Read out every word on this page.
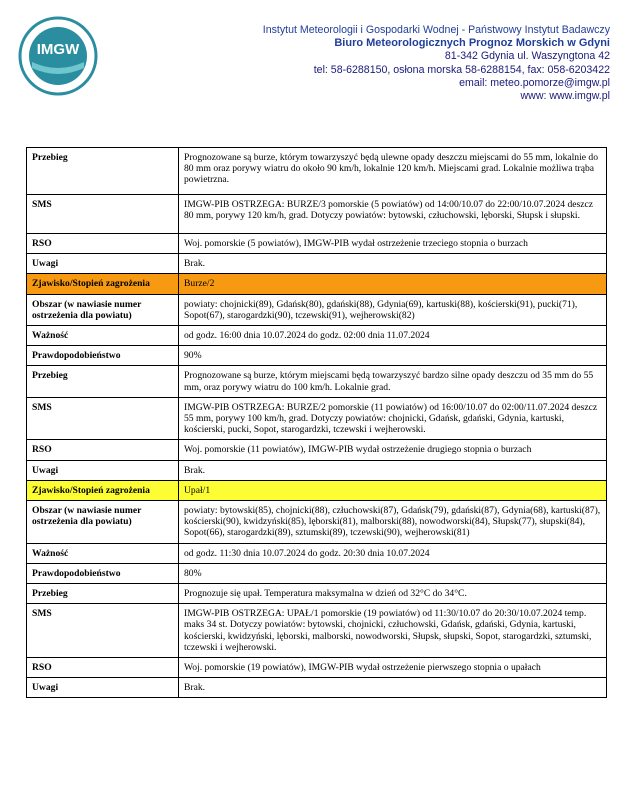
IMGW
Instytut Meteorologii i Gospodarki Wodnej - Państwowy Instytut Badawczy
Biuro Meteorologicznych Prognoz Morskich w Gdyni
81-342 Gdynia ul. Waszyngtona 42
tel: 58-6288150, osłona morska 58-6288154, fax: 058-6203422
email: meteo.pomorze@imgw.pl
www: www.imgw.pl
Przebieg	Prognozowane są burze, którym towarzyszyć będą ulewne opady deszczu miejscami do 55 mm, lokalnie do 80 mm oraz porywy wiatru do około 90 km/h, lokalnie 120 km/h. Miejscami grad. Lokalnie możliwa trąba powietrzna.
SMS	IMGW-PIB OSTRZEGA: BURZE/3 pomorskie (5 powiatów) od 14:00/10.07 do 22:00/10.07.2024 deszcz 80 mm, porywy 120 km/h, grad. Dotyczy powiatów: bytowski, człuchowski, lęborski, Słupsk i słupski.
RSO	Woj. pomorskie (5 powiatów), IMGW-PIB wydał ostrzeżenie trzeciego stopnia o burzach
Uwagi	Brak.
Zjawisko/Stopień zagrożenia	Burze/2
Obszar (w nawiasie numer ostrzeżenia dla powiatu)	powiaty: chojnicki(89), Gdańsk(80), gdański(88), Gdynia(69), kartuski(88), kościerski(91), pucki(71), Sopot(67), starogardzki(90), tczewski(91), wejherowski(82)
Ważność	od godz. 16:00 dnia 10.07.2024 do godz. 02:00 dnia 11.07.2024
Prawdopodobieństwo	90%
Przebieg	Prognozowane są burze, którym miejscami będą towarzyszyć bardzo silne opady deszczu od 35 mm do 55 mm, oraz porywy wiatru do 100 km/h. Lokalnie grad.
SMS	IMGW-PIB OSTRZEGA: BURZE/2 pomorskie (11 powiatów) od 16:00/10.07 do 02:00/11.07.2024 deszcz 55 mm, porywy 100 km/h, grad. Dotyczy powiatów: chojnicki, Gdańsk, gdański, Gdynia, kartuski, kościerski, pucki, Sopot, starogardzki, tczewski i wejherowski.
RSO	Woj. pomorskie (11 powiatów), IMGW-PIB wydał ostrzeżenie drugiego stopnia o burzach
Uwagi	Brak.
Zjawisko/Stopień zagrożenia	Upał/1
Obszar (w nawiasie numer ostrzeżenia dla powiatu)	powiaty: bytowski(85), chojnicki(88), człuchowski(87), Gdańsk(79), gdański(87), Gdynia(68), kartuski(87), kościerski(90), kwidzyński(85), lęborski(81), malborski(88), nowodworski(84), Słupsk(77), słupski(84), Sopot(66), starogardzki(89), sztumski(89), tczewski(90), wejherowski(81)
Ważność	od godz. 11:30 dnia 10.07.2024 do godz. 20:30 dnia 10.07.2024
Prawdopodobieństwo	80%
Przebieg	Prognozuje się upał. Temperatura maksymalna w dzień od 32°C do 34°C.
SMS	IMGW-PIB OSTRZEGA: UPAŁ/1 pomorskie (19 powiatów) od 11:30/10.07 do 20:30/10.07.2024 temp. maks 34 st. Dotyczy powiatów: bytowski, chojnicki, człuchowski, Gdańsk, gdański, Gdynia, kartuski, kościerski, kwidzyński, lęborski, malborski, nowodworski, Słupsk, słupski, Sopot, starogardzki, sztumski, tczewski i wejherowski.
RSO	Woj. pomorskie (19 powiatów), IMGW-PIB wydał ostrzeżenie pierwszego stopnia o upałach
Uwagi	Brak.
